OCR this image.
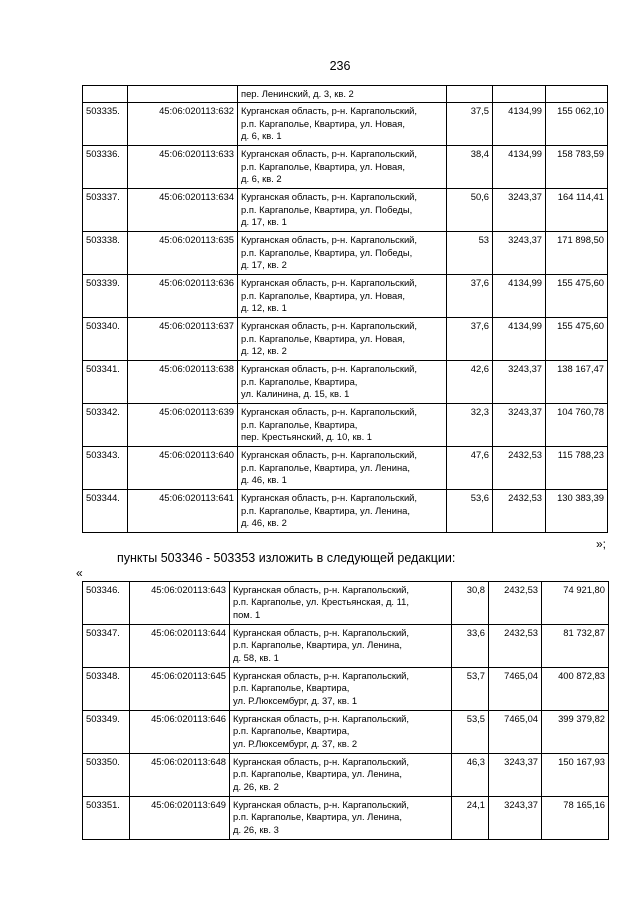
236

		пер. Ленинский, д. 3, кв. 2			

503335.	45:06:020113:632	Курганская область, р-н. Каргапольский,
р.п. Каргаполье, Квартира, ул. Новая,
д. 6, кв. 1	37,5	4134,99	155 062,10
503336.	45:06:020113:633	Курганская область, р-н. Каргапольский,
р.п. Каргаполье, Квартира, ул. Новая,
д. 6, кв. 2	38,4	4134,99	158 783,59
503337.	45:06:020113:634	Курганская область, р-н. Каргапольский,
р.п. Каргаполье, Квартира, ул. Победы,
д. 17, кв. 1	50,6	3243,37	164 114,41
503338.	45:06:020113:635	Курганская область, р-н. Каргапольский,
р.п. Каргаполье, Квартира, ул. Победы,
д. 17, кв. 2	53	3243,37	171 898,50
503339.	45:06:020113:636	Курганская область, р-н. Каргапольский,
р.п. Каргаполье, Квартира, ул. Новая,
д. 12, кв. 1	37,6	4134,99	155 475,60
503340.	45:06:020113:637	Курганская область, р-н. Каргапольский,
р.п. Каргаполье, Квартира, ул. Новая,
д. 12, кв. 2	37,6	4134,99	155 475,60
503341.	45:06:020113:638	Курганская область, р-н. Каргапольский,
р.п. Каргаполье, Квартира,
ул. Калинина, д. 15, кв. 1	42,6	3243,37	138 167,47
503342.	45:06:020113:639	Курганская область, р-н. Каргапольский,
р.п. Каргаполье, Квартира,
пер. Крестьянский, д. 10, кв. 1	32,3	3243,37	104 760,78
503343.	45:06:020113:640	Курганская область, р-н. Каргапольский,
р.п. Каргаполье, Квартира, ул. Ленина,
д. 46, кв. 1	47,6	2432,53	115 788,23
503344.	45:06:020113:641	Курганская область, р-н. Каргапольский,
р.п. Каргаполье, Квартира, ул. Ленина,
д. 46, кв. 2	53,6	2432,53	130 383,39
»;
пункты 503346 - 503353 изложить в следующей редакции:
«
503346.	45:06:020113:643	Курганская область, р-н. Каргапольский,
р.п. Каргаполье, ул. Крестьянская, д. 11,
пом. 1	30,8	2432,53	74 921,80
503347.	45:06:020113:644	Курганская область, р-н. Каргапольский,
р.п. Каргаполье, Квартира, ул. Ленина,
д. 58, кв. 1	33,6	2432,53	81 732,87
503348.	45:06:020113:645	Курганская область, р-н. Каргапольский,
р.п. Каргаполье, Квартира,
ул. Р.Люксембург, д. 37, кв. 1	53,7	7465,04	400 872,83
503349.	45:06:020113:646	Курганская область, р-н. Каргапольский,
р.п. Каргаполье, Квартира,
ул. Р.Люксембург, д. 37, кв. 2	53,5	7465,04	399 379,82
503350.	45:06:020113:648	Курганская область, р-н. Каргапольский,
р.п. Каргаполье, Квартира, ул. Ленина,
д. 26, кв. 2	46,3	3243,37	150 167,93
503351.	45:06:020113:649	Курганская область, р-н. Каргапольский,
р.п. Каргаполье, Квартира, ул. Ленина,
д. 26, кв. 3	24,1	3243,37	78 165,16
